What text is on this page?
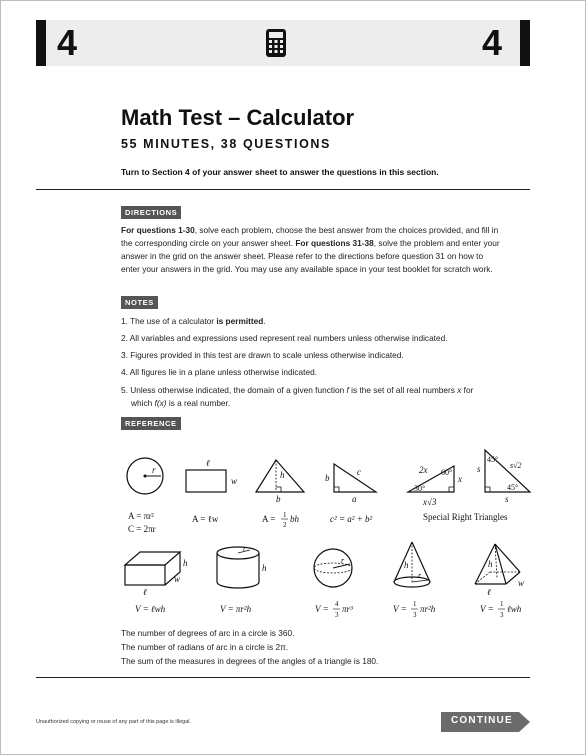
4	4
Math Test – Calculator
55 MINUTES, 38 QUESTIONS
Turn to Section 4 of your answer sheet to answer the questions in this section.
DIRECTIONS
For questions 1-30, solve each problem, choose the best answer from the choices provided, and fill in the corresponding circle on your answer sheet. For questions 31-38, solve the problem and enter your answer in the grid on the answer sheet. Please refer to the directions before question 31 on how to enter your answers in the grid. You may use any available space in your test booklet for scratch work.
NOTES
1. The use of a calculator is permitted.
2. All variables and expressions used represent real numbers unless otherwise indicated.
3. Figures provided in this test are drawn to scale unless otherwise indicated.
4. All figures lie in a plane unless otherwise indicated.
5. Unless otherwise indicated, the domain of a given function f is the set of all real numbers x for
which f(x) is a real number.
REFERENCE
r
A = πr²
C = 2πr
ℓ
w
A = ℓw
h
b
A = 1
2
bh
b
c
a
c² = a² + b²
2x 60°
30°
x
x√3
45°
45°
s
s
s√2
Special Right Triangles
h
ℓ
w
V = ℓwh
r
h
V = πr²h
r
V = 4
3
πr³
h
r
V = 1
3
πr²h
h
ℓ
w
V = 1
3
ℓwh
The number of degrees of arc in a circle is 360.
The number of radians of arc in a circle is 2π.
The sum of the measures in degrees of the angles of a triangle is 180.
Unauthorized copying or reuse of any part of this page is illegal.	CONTINUE
